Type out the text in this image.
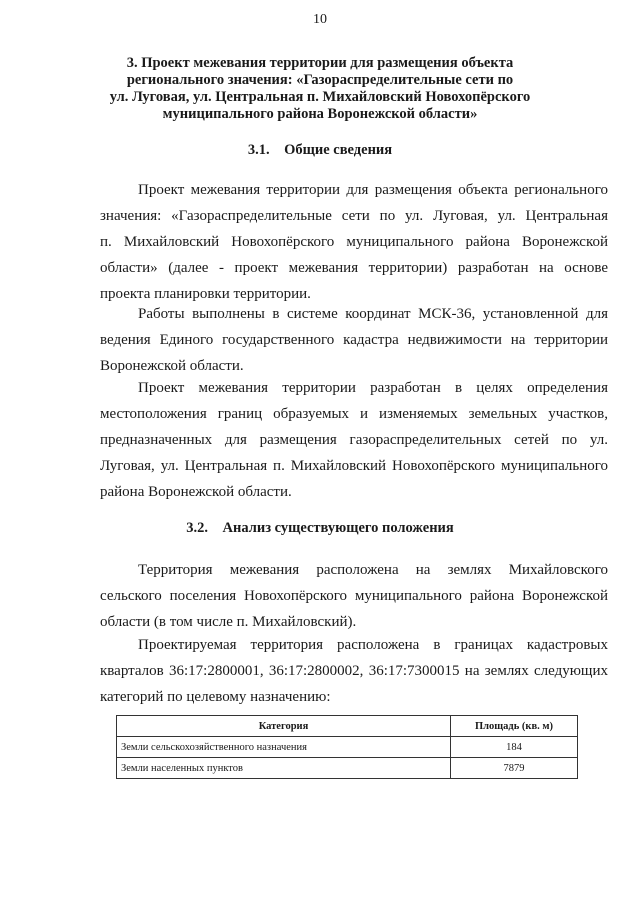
10
3. Проект межевания территории для размещения объекта
регионального значения: «Газораспределительные сети по
ул. Луговая, ул. Центральная п. Михайловский Новохопёрского
муниципального района Воронежской области»
3.1.    Общие сведения
Проект межевания территории для размещения объекта регионального
значения: «Газораспределительные сети по ул. Луговая, ул. Центральная
п. Михайловский Новохопёрского муниципального района Воронежской
области» (далее - проект межевания территории) разработан на основе
проекта планировки территории.
Работы выполнены в системе координат МСК-36, установленной для
ведения Единого государственного кадастра недвижимости на территории
Воронежской области.
Проект межевания территории разработан в целях определения
местоположения границ образуемых и изменяемых земельных участков,
предназначенных для размещения газораспределительных сетей по ул.
Луговая, ул. Центральная п. Михайловский Новохопёрского муниципального
района Воронежской области.
3.2.    Анализ существующего положения
Территория межевания расположена на землях Михайловского
сельского поселения Новохопёрского муниципального района Воронежской
области (в том числе п. Михайловский).
Проектируемая территория расположена в границах кадастровых
кварталов 36:17:2800001, 36:17:2800002, 36:17:7300015 на землях следующих
категорий по целевому назначению:
Категория	Площадь (кв. м)
Земли сельскохозяйственного назначения	184
Земли населенных пунктов	7879
